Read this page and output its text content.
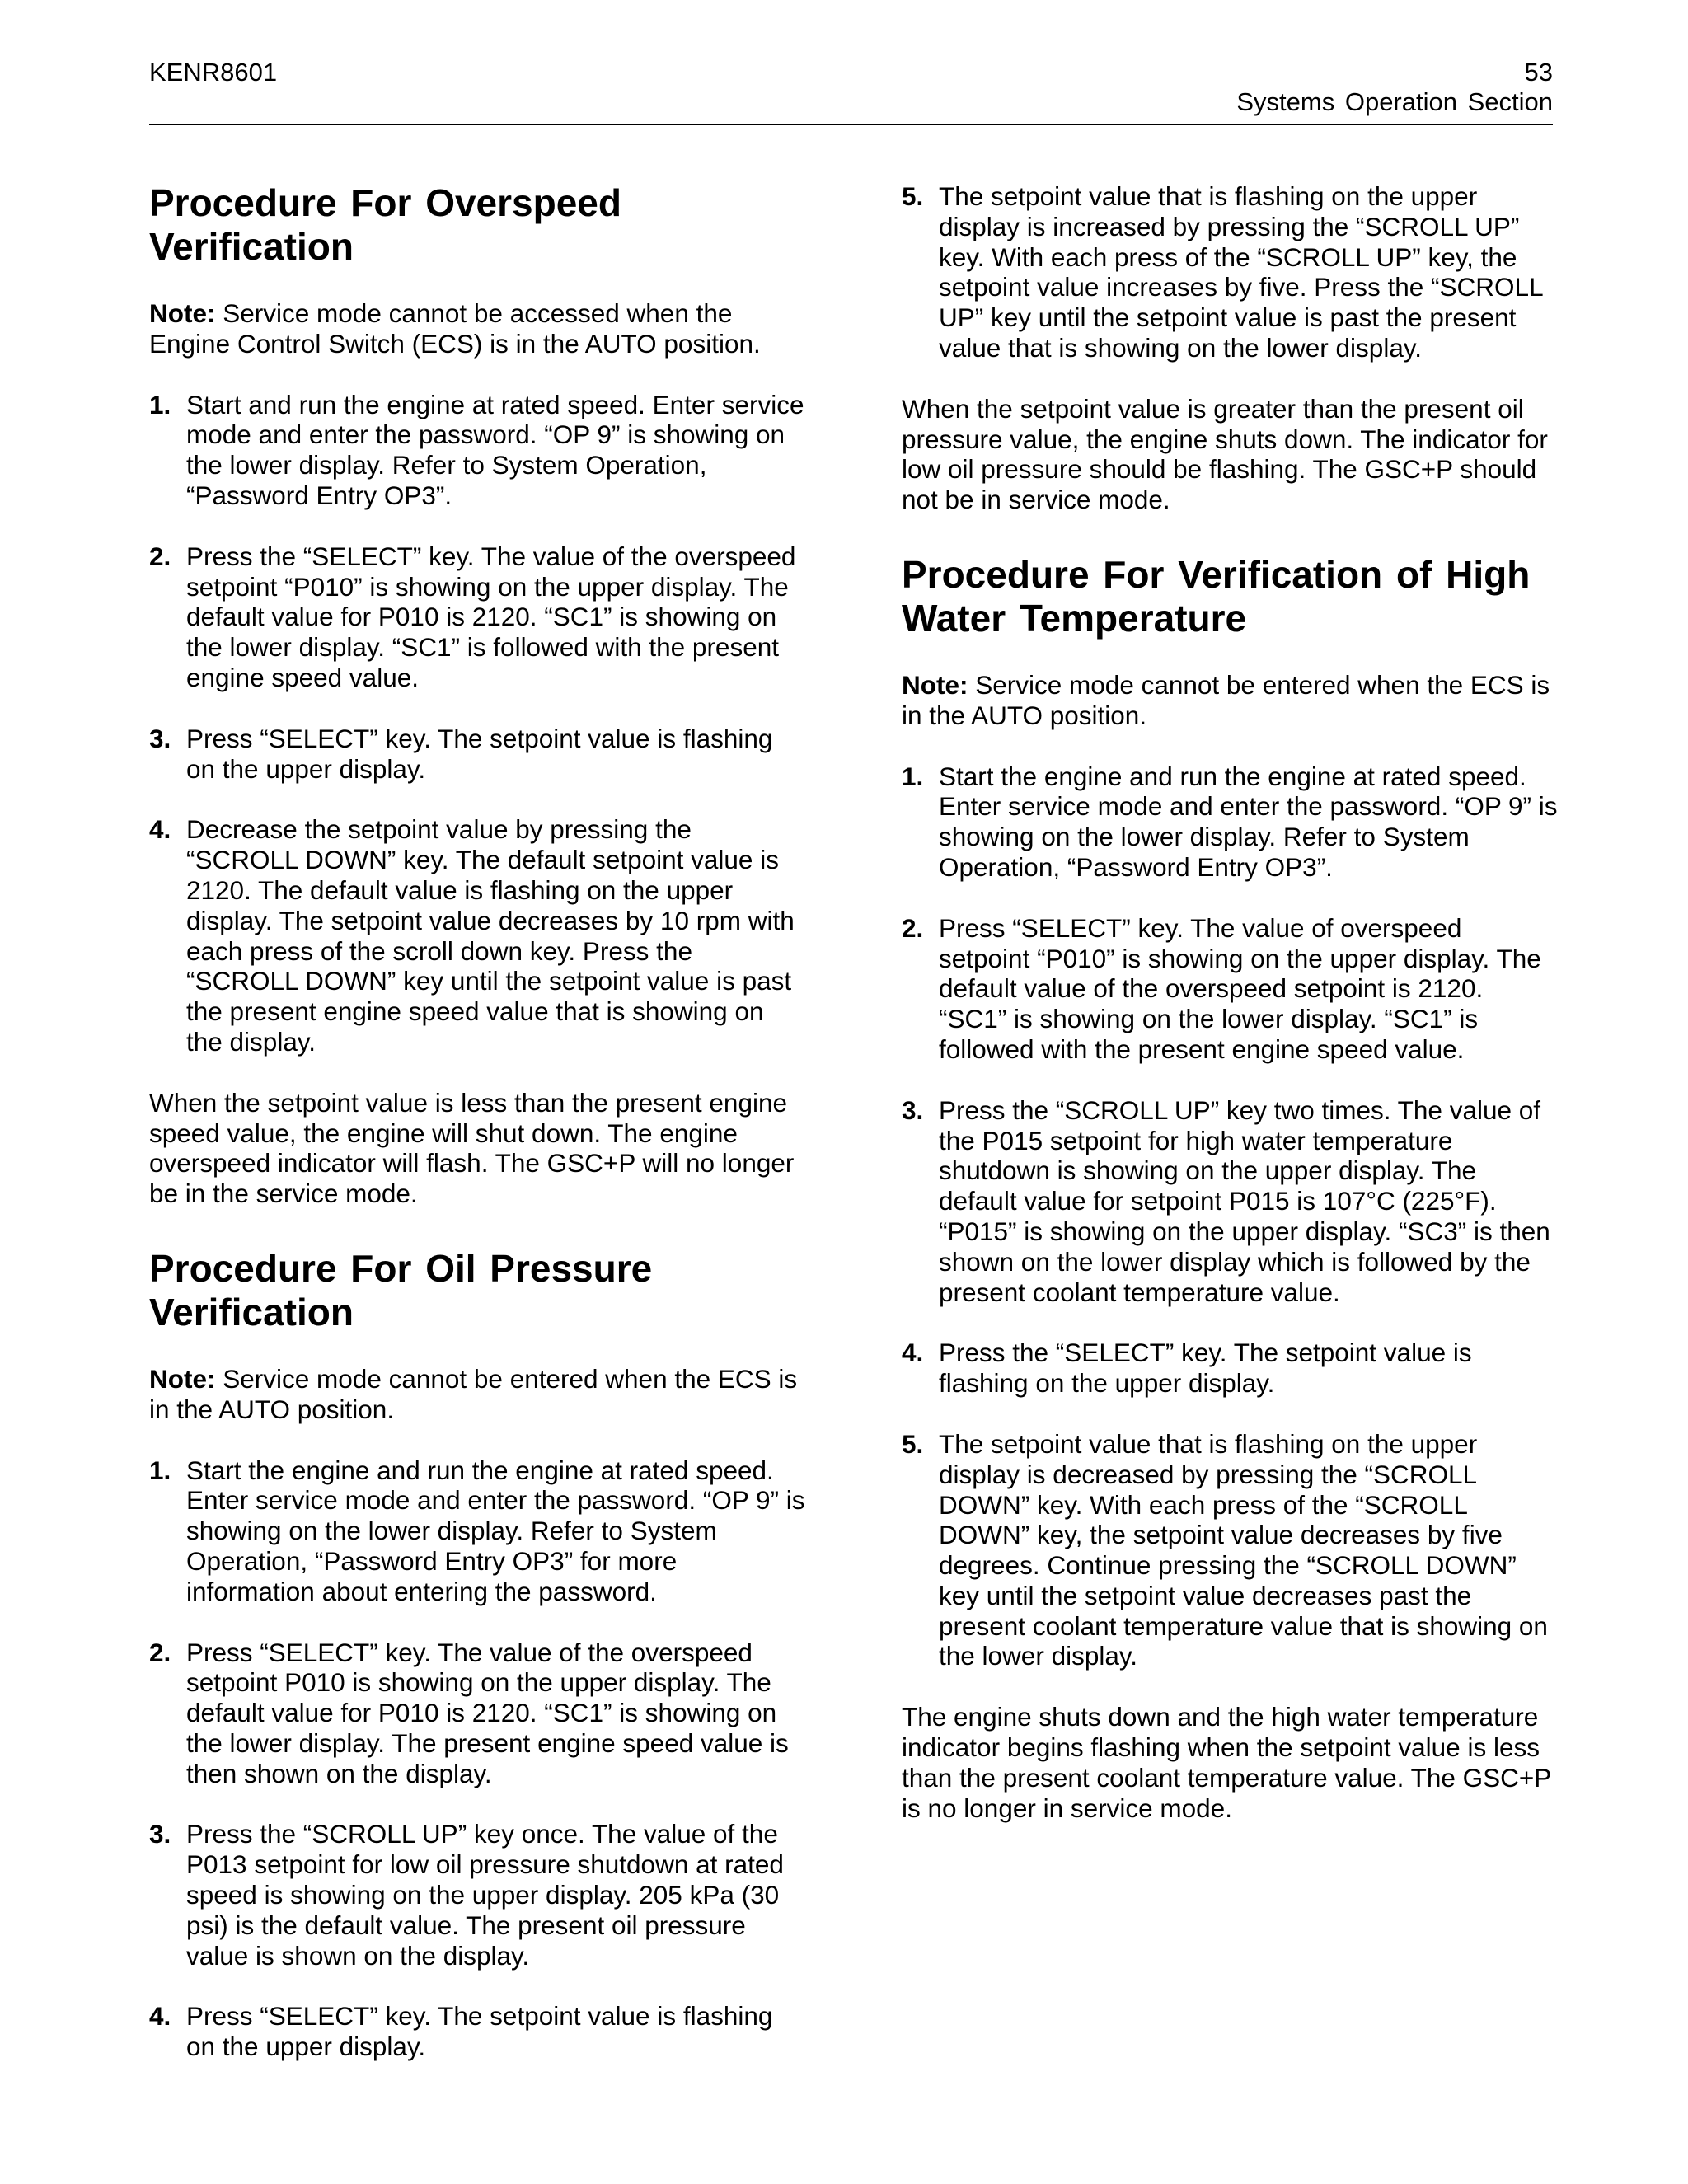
KENR8601	53
Systems Operation Section
Procedure For Overspeed Verification

Note: Service mode cannot be accessed when the Engine Control Switch (ECS) is in the AUTO position.

1. Start and run the engine at rated speed. Enter service mode and enter the password. “OP 9” is showing on the lower display. Refer to System Operation, “Password Entry OP3”.
2. Press the “SELECT” key. The value of the overspeed setpoint “P010” is showing on the upper display. The default value for P010 is 2120. “SC1” is showing on the lower display. “SC1” is followed with the present engine speed value.
3. Press “SELECT” key. The setpoint value is flashing on the upper display.
4. Decrease the setpoint value by pressing the “SCROLL DOWN” key. The default setpoint value is 2120. The default value is flashing on the upper display. The setpoint value decreases by 10 rpm with each press of the scroll down key. Press the “SCROLL DOWN” key until the setpoint value is past the present engine speed value that is showing on the display.

When the setpoint value is less than the present engine speed value, the engine will shut down. The engine overspeed indicator will flash. The GSC+P will no longer be in the service mode.

Procedure For Oil Pressure Verification

Note: Service mode cannot be entered when the ECS is in the AUTO position.

1. Start the engine and run the engine at rated speed. Enter service mode and enter the password. “OP 9” is showing on the lower display. Refer to System Operation, “Password Entry OP3” for more information about entering the password.
2. Press “SELECT” key. The value of the overspeed setpoint P010 is showing on the upper display. The default value for P010 is 2120. “SC1” is showing on the lower display. The present engine speed value is then shown on the display.
3. Press the “SCROLL UP” key once. The value of the P013 setpoint for low oil pressure shutdown at rated speed is showing on the upper display. 205 kPa (30 psi) is the default value. The present oil pressure value is shown on the display.
4. Press “SELECT” key. The setpoint value is flashing on the upper display.
5. The setpoint value that is flashing on the upper display is increased by pressing the “SCROLL UP” key. With each press of the “SCROLL UP” key, the setpoint value increases by five. Press the “SCROLL UP” key until the setpoint value is past the present value that is showing on the lower display.

When the setpoint value is greater than the present oil pressure value, the engine shuts down. The indicator for low oil pressure should be flashing. The GSC+P should not be in service mode.

Procedure For Verification of High Water Temperature

Note: Service mode cannot be entered when the ECS is in the AUTO position.

1. Start the engine and run the engine at rated speed. Enter service mode and enter the password. “OP 9” is showing on the lower display. Refer to System Operation, “Password Entry OP3”.
2. Press “SELECT” key. The value of overspeed setpoint “P010” is showing on the upper display. The default value of the overspeed setpoint is 2120. “SC1” is showing on the lower display. “SC1” is followed with the present engine speed value.
3. Press the “SCROLL UP” key two times. The value of the P015 setpoint for high water temperature shutdown is showing on the upper display. The default value for setpoint P015 is 107°C (225°F). “P015” is showing on the upper display. “SC3” is then shown on the lower display which is followed by the present coolant temperature value.
4. Press the “SELECT” key. The setpoint value is flashing on the upper display.
5. The setpoint value that is flashing on the upper display is decreased by pressing the “SCROLL DOWN” key. With each press of the “SCROLL DOWN” key, the setpoint value decreases by five degrees. Continue pressing the “SCROLL DOWN” key until the setpoint value decreases past the present coolant temperature value that is showing on the lower display.

The engine shuts down and the high water temperature indicator begins flashing when the setpoint value is less than the present coolant temperature value. The GSC+P is no longer in service mode.
